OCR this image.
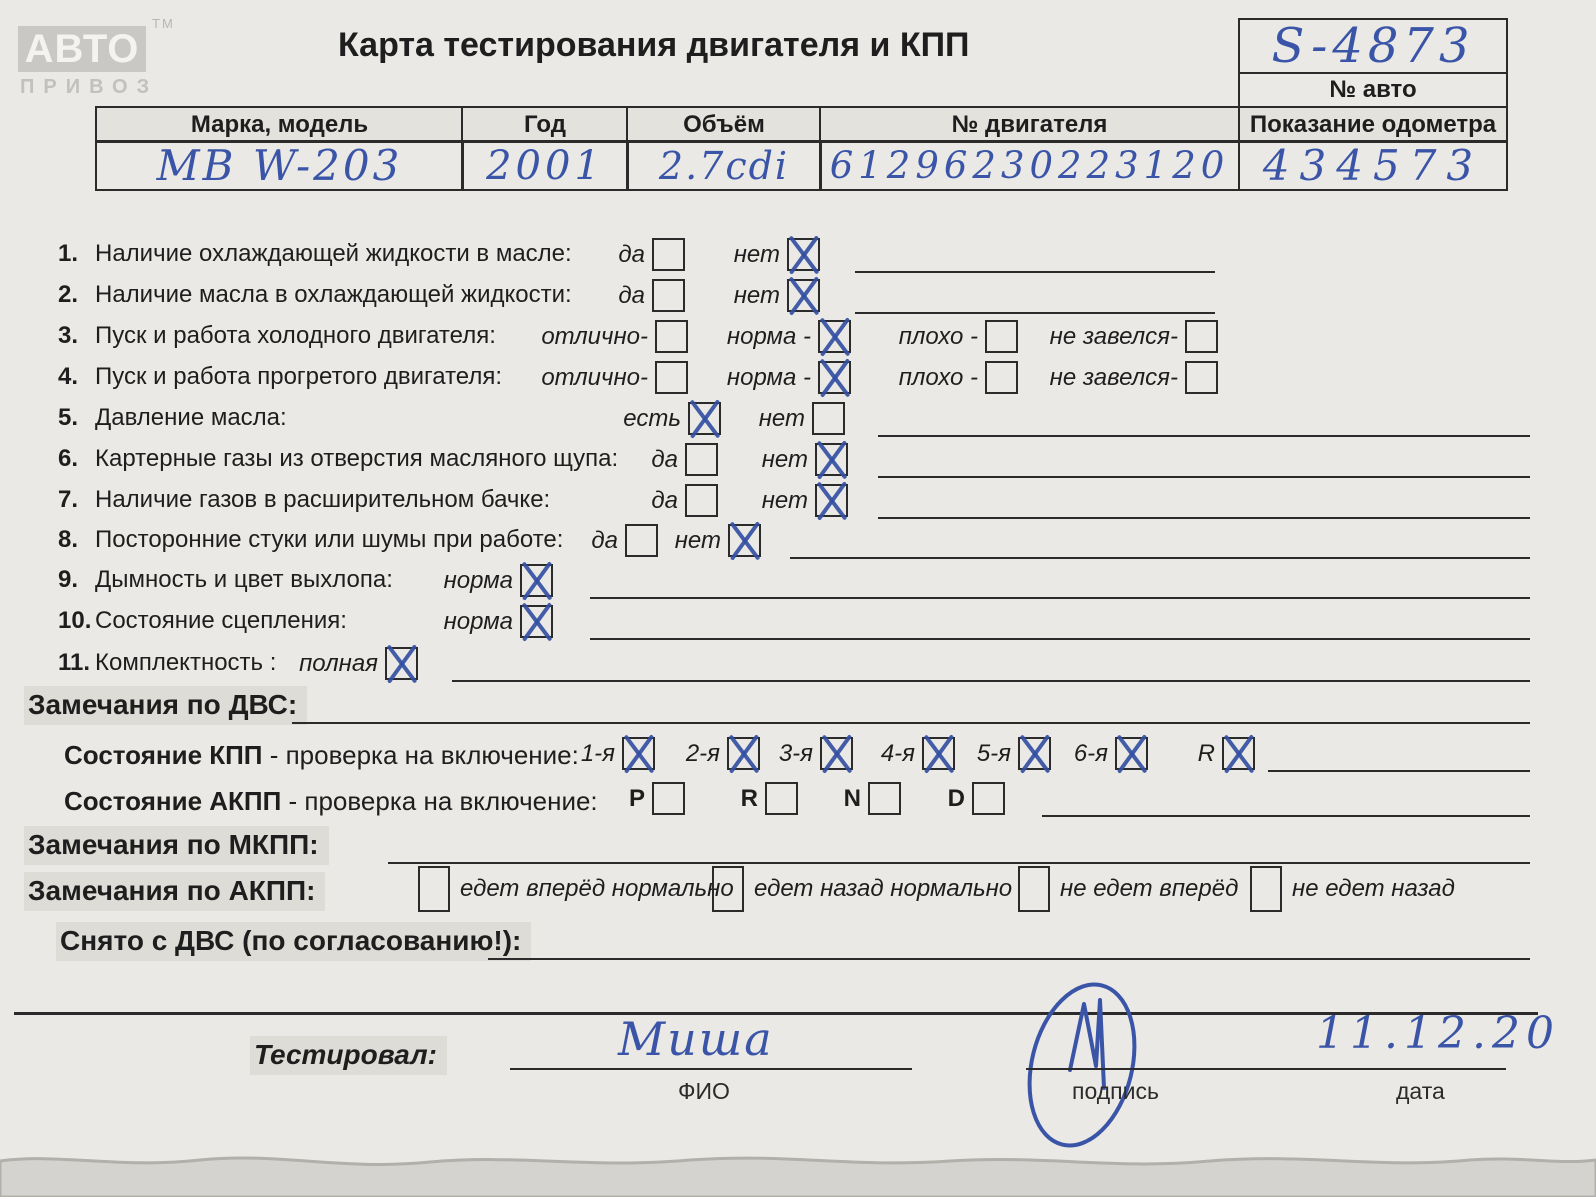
АВТО
ТМ
ПРИВОЗ
Карта тестирования двигателя и КПП	S-4873
№ авто
Марка, модель	Год	Объём	№ двигателя	Показание одометра
МВ W-203 2001 2.7cdi 61296230223120 434573
1. Наличие охлаждающей жидкости в масле: да	нет
2. Наличие масла в охлаждающей жидкости: да	нет
3. Пуск и работа холодного двигателя: отлично-	норма -	плохо -	не завелся-
4. Пуск и работа прогретого двигателя: отлично-	норма -	плохо -	не завелся-
5. Давление масла:	есть	нет
6. Картерные газы из отверстия масляного щупа: да	нет
7. Наличие газов в расширительном бачке:	да	нет
8. Посторонние стуки или шумы при работе: да нет
9. Дымность и цвет выхлопа: норма
10. Состояние сцепления:	норма
11. Комплектность : полная
Замечания по ДВС:
Состояние КПП - проверка на включение: 1-я	2-я 3-я	4-я	5-я	6-я	R
Состояние АКПП - проверка на включение: P	R	N	D
Замечания по МКПП:
Замечания по АКПП:	едет вперёд нормально едет назад нормально не едет вперёд не едет назад
Снято с ДВС (по согласованию!):
Тестировал:	Миша
ФИО	подпись
11.12.20
дата
